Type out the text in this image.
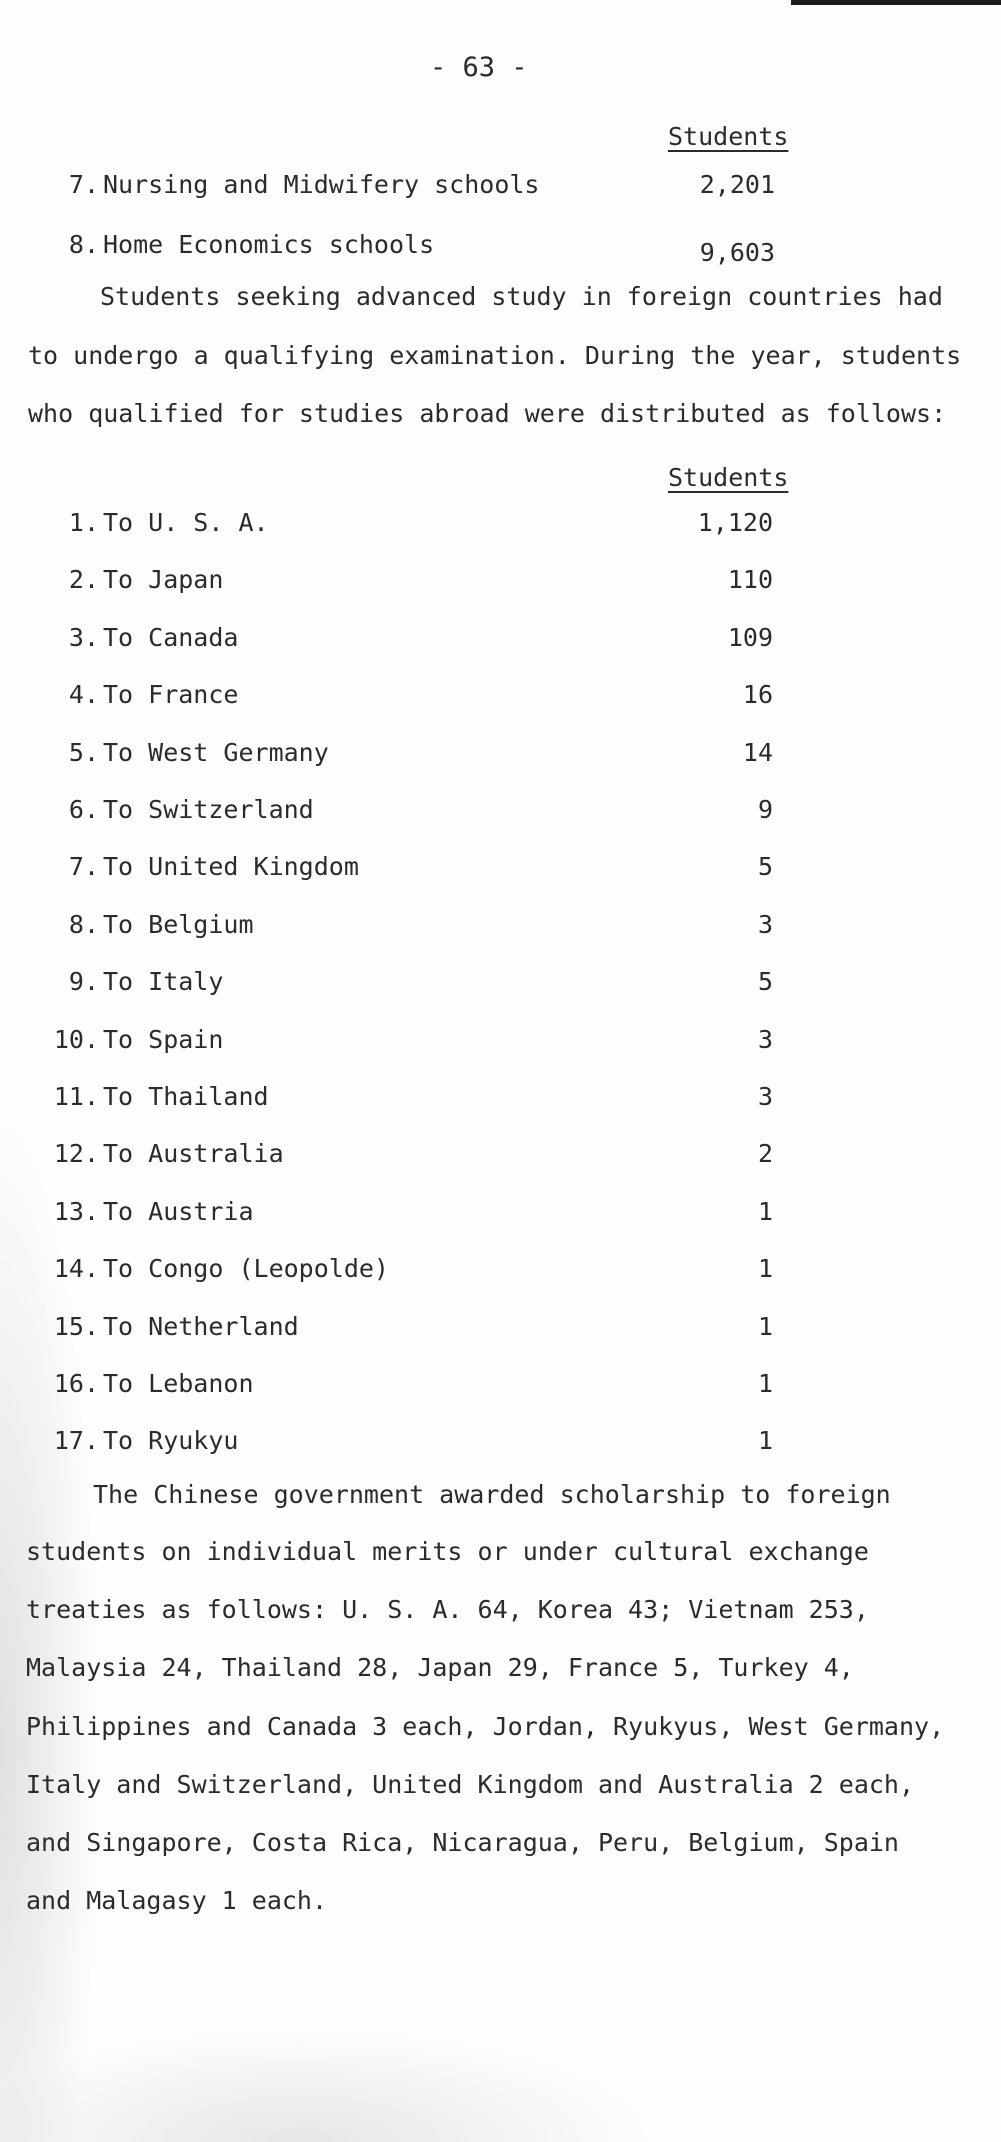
- 63 -
Students
7. Nursing and Midwifery schools	2,201
8. Home Economics schools	9,603
Students seeking advanced study in foreign countries had
to undergo a qualifying examination. During the year, students
who qualified for studies abroad were distributed as follows:
Students
1. To U. S. A.	1,120
2. To Japan	110
3. To Canada	109
4. To France	16
5. To West Germany	14
6. To Switzerland	9
7. To United Kingdom	5
8. To Belgium	3
9. To Italy	5
10. To Spain	3
11. To Thailand	3
12. To Australia	2
13. To Austria	1
14. To Congo (Leopolde)	1
15. To Netherland	1
16. To Lebanon	1
17. To Ryukyu	1
The Chinese government awarded scholarship to foreign
students on individual merits or under cultural exchange
treaties as follows: U. S. A. 64, Korea 43; Vietnam 253,
Malaysia 24, Thailand 28, Japan 29, France 5, Turkey 4,
Philippines and Canada 3 each, Jordan, Ryukyus, West Germany,
Italy and Switzerland, United Kingdom and Australia 2 each,
and Singapore, Costa Rica, Nicaragua, Peru, Belgium, Spain
and Malagasy 1 each.
